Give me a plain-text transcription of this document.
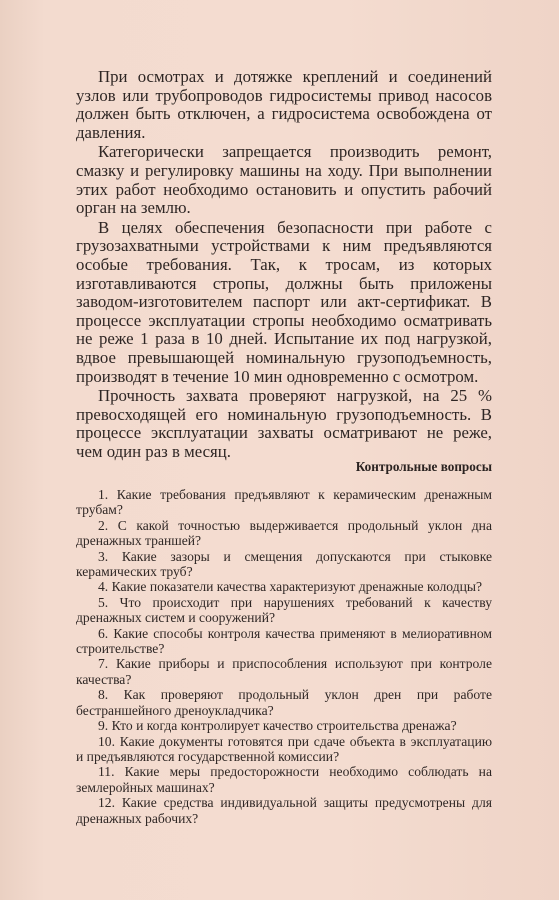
При осмотрах и дотяжке креплений и соединений узлов или трубопроводов гидросистемы привод насосов должен быть отключен, а гидросистема освобождена от давления.

Категорически запрещается производить ремонт, смазку и регулировку машины на ходу. При выполнении этих работ необходимо остановить и опустить рабочий орган на землю.

В целях обеспечения безопасности при работе с грузозахватными устройствами к ним предъявляются особые требования. Так, к тросам, из которых изготавливаются стропы, должны быть приложены заводом-изготовителем паспорт или акт-сертификат. В процессе эксплуатации стропы необходимо осматривать не реже 1 раза в 10 дней. Испытание их под нагрузкой, вдвое превышающей номинальную грузоподъемность, производят в течение 10 мин одновременно с осмотром.

Прочность захвата проверяют нагрузкой, на 25 % превосходящей его номинальную грузоподъемность. В процессе эксплуатации захваты осматривают не реже, чем один раз в месяц.

Контрольные вопросы
1. Какие требования предъявляют к керамическим дренажным трубам?
2. С какой точностью выдерживается продольный уклон дна дренажных траншей?
3. Какие зазоры и смещения допускаются при стыковке керамических труб?
4. Какие показатели качества характеризуют дренажные колодцы?
5. Что происходит при нарушениях требований к качеству дренажных систем и сооружений?
6. Какие способы контроля качества применяют в мелиоративном строительстве?
7. Какие приборы и приспособления используют при контроле качества?
8. Как проверяют продольный уклон дрен при работе бестраншейного дреноукладчика?
9. Кто и когда контролирует качество строительства дренажа?
10. Какие документы готовятся при сдаче объекта в эксплуатацию и предъявляются государственной комиссии?
11. Какие меры предосторожности необходимо соблюдать на землеройных машинах?
12. Какие средства индивидуальной защиты предусмотрены для дренажных рабочих?
